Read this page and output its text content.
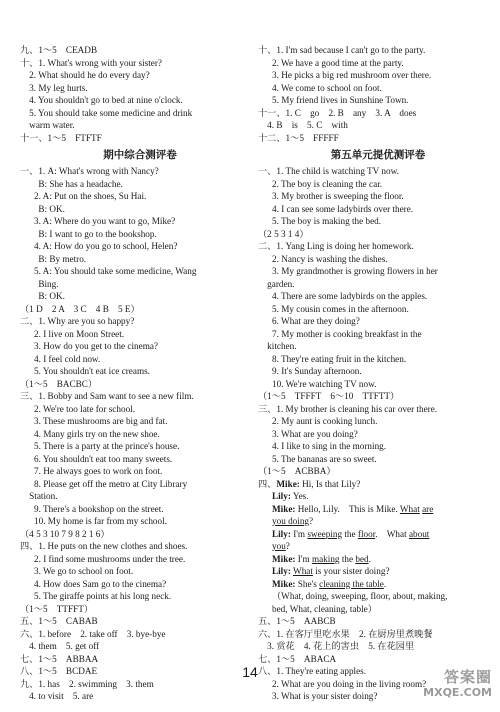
九、1～5　CEADB
十、1. What's wrong with your sister?
　2. What should he do every day?
　3. My leg hurts.
　4. You shouldn't go to bed at nine o'clock.
　5. You should take some medicine and drink
　warm water.
十一、1～5　FTFTF
期中综合测评卷
一、1. A: What's wrong with Nancy?
　　B: She has a headache.
2. A: Put on the shoes, Su Hai.
　　B: OK.
3. A: Where do you want to go, Mike?
　　B: I want to go to the bookshop.
4. A: How do you go to school, Helen?
　　B: By metro.
5. A: You should take some medicine, Wang
　　Bing.
　　B: OK.
（1 D　2 A　3 C　4 B　5 E）
二、1. Why are you so happy?
2. I live on Moon Street.
3. How do you get to the cinema?
4. I feel cold now.
5. You shouldn't eat ice creams.
（1～5　BACBC）
三、1. Bobby and Sam want to see a new film.
2. We're too late for school.
3. These mushrooms are big and fat.
4. Many girls try on the new shoe.
5. There is a party at the prince's house.
6. You shouldn't eat too many sweets.
7. He always goes to work on foot.
8. Please get off the metro at City Library
　Station.
9. There's a bookshop on the street.
10. My home is far from my school.
（4 5 3 10 7 9 8 2 1 6）
四、1. He puts on the new clothes and shoes.
2. I find some mushrooms under the tree.
3. We go to school on foot.
4. How does Sam go to the cinema?
5. The giraffe points at his long neck.
（1～5　TTFFT）
五、1～5　CABAB
六、1. before　2. take off　3. bye-bye
　4. them　5. get off
七、1～5　ABBAA
八、1～5　BCDAE
九、1. has　2. swimming　3. them
　4. to visit　5. are
十、1. I'm sad because I can't go to the party.
2. We have a good time at the party.
3. He picks a big red mushroom over there.
4. We come to school on foot.
5. My friend lives in Sunshine Town.
十一、1. C　go　2. B　any　3. A　does
　4. B　is　5. C　with
十二、1～5　FFFFF
第五单元提优测评卷
一、1. The child is watching TV now.
2. The boy is cleaning the car.
3. My brother is sweeping the floor.
4. I can see some ladybirds over there.
5. The boy is making the bed.
（2 5 3 1 4）
二、1. Yang Ling is doing her homework.
2. Nancy is washing the dishes.
3. My grandmother is growing flowers in her
　garden.
4. There are some ladybirds on the apples.
5. My cousin comes in the afternoon.
6. What are they doing?
7. My mother is cooking breakfast in the
　kitchen.
8. They're eating fruit in the kitchen.
9. It's Sunday afternoon.
10. We're watching TV now.
（1～5　TFFFT　6～10　TTFTT）
三、1. My brother is cleaning his car over there.
2. My aunt is cooking lunch.
3. What are you doing?
4. I like to sing in the morning.
5. The bananas are so sweet.
（1～5　ACBBA）
四、Mike: Hi, Is that Lily?
Lily: Yes.
Mike: Hello, Lily.　This is Mike. What are
you doing?
Lily: I'm sweeping the floor.　What about
you?
Mike: I'm making the bed.
Lily: What is your sister doing?
Mike: She's cleaning the table.
（What, doing, sweeping, floor, about, making,
bed, What, cleaning, table）
五、1～5　AABCB
六、1. 在客厅里吃水果　2. 在厨房里煮晚餐
　3. 赏花　4. 花上的害虫　5. 在花园里
七、1～5　ABACA
八、1. They're eating apples.
2. What are you doing in the living room?
3. What is your sister doing?
14	答案圈
MXQE.COM
